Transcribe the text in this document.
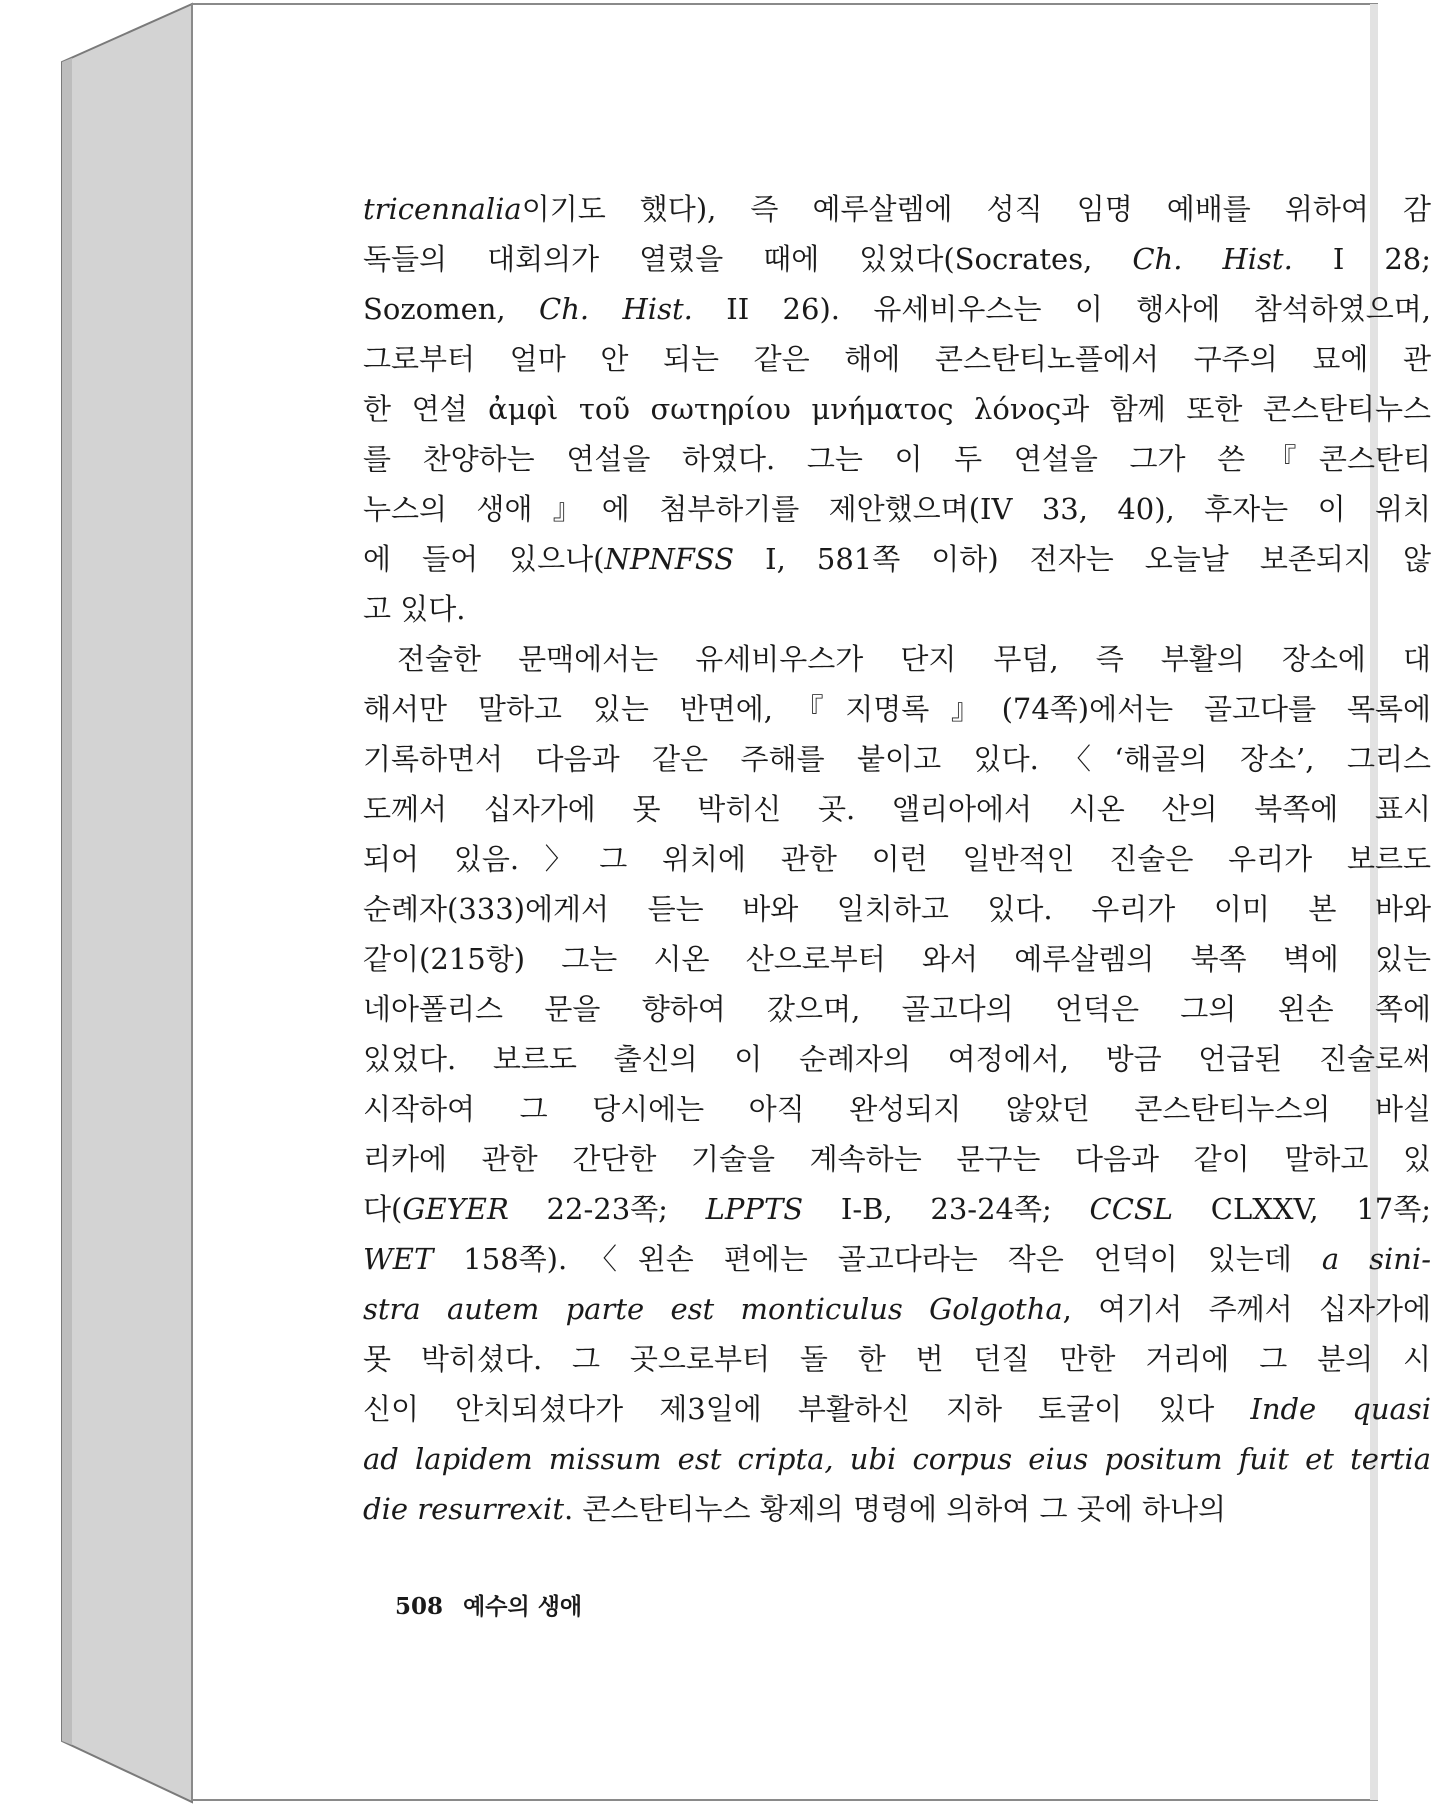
tricennalia이기도 했다), 즉 예루살렘에 성직 임명 예배를 위하여 감
독들의 대회의가 열렸을 때에 있었다(Socrates, Ch. Hist. I 28;
Sozomen, Ch. Hist. II 26). 유세비우스는 이 행사에 참석하였으며,
그로부터 얼마 안 되는 같은 해에 콘스탄티노플에서 구주의 묘에 관
한 연설 ἀμφὶ τοῦ σωτηρίου μνήματος λόνος과 함께 또한 콘스탄티누스
를 찬양하는 연설을 하였다. 그는 이 두 연설을 그가 쓴『콘스탄티
누스의 생애』에 첨부하기를 제안했으며(IV 33, 40), 후자는 이 위치
에 들어 있으나(NPNFSS I, 581쪽 이하) 전자는 오늘날 보존되지 않
고 있다.
전술한 문맥에서는 유세비우스가 단지 무덤, 즉 부활의 장소에 대
해서만 말하고 있는 반면에,『지명록』(74쪽)에서는 골고다를 목록에
기록하면서 다음과 같은 주해를 붙이고 있다.〈‘해골의 장소’, 그리스
도께서 십자가에 못 박히신 곳. 앨리아에서 시온 산의 북쪽에 표시
되어 있음.〉그 위치에 관한 이런 일반적인 진술은 우리가 보르도
순례자(333)에게서 듣는 바와 일치하고 있다. 우리가 이미 본 바와
같이(215항) 그는 시온 산으로부터 와서 예루살렘의 북쪽 벽에 있는
네아폴리스 문을 향하여 갔으며, 골고다의 언덕은 그의 왼손 쪽에
있었다. 보르도 출신의 이 순례자의 여정에서, 방금 언급된 진술로써
시작하여 그 당시에는 아직 완성되지 않았던 콘스탄티누스의 바실
리카에 관한 간단한 기술을 계속하는 문구는 다음과 같이 말하고 있
다(GEYER 22-23쪽; LPPTS I-B, 23-24쪽; CCSL CLXXV, 17쪽;
WET 158쪽).〈왼손 편에는 골고다라는 작은 언덕이 있는데 a sini-
stra autem parte est monticulus Golgotha, 여기서 주께서 십자가에
못 박히셨다. 그 곳으로부터 돌 한 번 던질 만한 거리에 그 분의 시
신이 안치되셨다가 제3일에 부활하신 지하 토굴이 있다 Inde quasi
ad lapidem missum est cripta, ubi corpus eius positum fuit et tertia
die resurrexit. 콘스탄티누스 황제의 명령에 의하여 그 곳에 하나의
508 예수의 생애
